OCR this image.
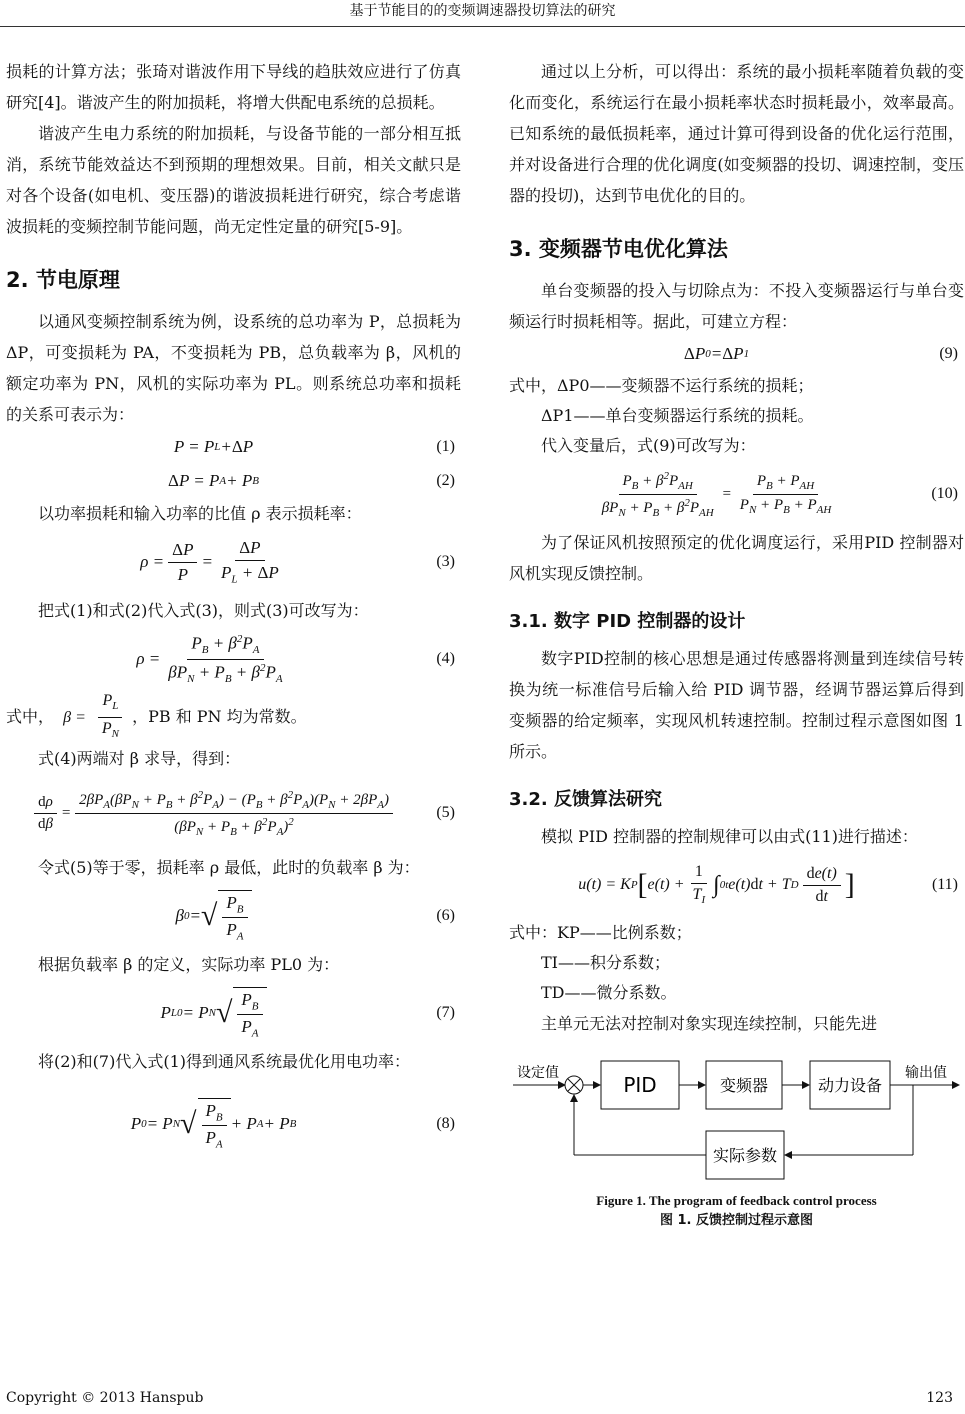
基于节能目的的变频调速器投切算法的研究

损耗的计算方法；张琦对谐波作用下导线的趋肤效应进行了仿真研究[4]。谐波产生的附加损耗，将增大供配电系统的总损耗。

谐波产生电力系统的附加损耗，与设备节能的一部分相互抵消，系统节能效益达不到预期的理想效果。目前，相关文献只是对各个设备(如电机、变压器)的谐波损耗进行研究，综合考虑谐波损耗的变频控制节能问题，尚无定性定量的研究[5-9]。

2. 节电原理

以通风变频控制系统为例，设系统的总功率为 P，总损耗为 ΔP，可变损耗为 PA，不变损耗为 PB，总负载率为 β，风机的额定功率为 PN，风机的实际功率为 PL。则系统总功率和损耗的关系可表示为：

P = P L + Δ P	(1)
Δ P = P A + P B	(2)

以功率损耗和输入功率的比值 ρ 表示损耗率：

$\rho = \frac{\Delta P}{P} = \frac{\Delta P}{P_L + \Delta P}$	(3)

把式(1)和式(2)代入式(3)，则式(3)可改写为：

$\rho = \frac{P_B + \beta^2P_A}{\beta P_N + P_B + \beta^2P_A}$	(4)

式中， $\beta = \frac{P_L}{P_N}$ ，PB 和 PN 均为常数。

式(4)两端对 β 求导，得到：

$\frac{d\rho}{d\beta} = \frac{2\beta P_A(\beta P_N + P_B + \beta^2P_A) - (P_B + \beta^2P_A)(P_N + 2\beta P_A)}{(\beta P_N + P_B + \beta^2P_A)^2}$	(5)

令式(5)等于零，损耗率 ρ 最低，此时的负载率 β 为：

β 0 = √ $\frac{P_B}{P_A}$	(6)

根据负载率 β 的定义，实际功率 PL0 为：

P L0 = P N √ $\frac{P_B}{P_A}$	(7)

将(2)和(7)代入式(1)得到通风系统最优化用电功率：

P 0 = P N √ $\frac{P_B}{P_A} + P$ A + P B	(8)

通过以上分析，可以得出：系统的最小损耗率随着负载的变化而变化，系统运行在最小损耗率状态时损耗最小，效率最高。已知系统的最低损耗率，通过计算可得到设备的优化运行范围，并对设备进行合理的优化调度(如变频器的投切、调速控制，变压器的投切)，达到节电优化的目的。

3. 变频器节电优化算法

单台变频器的投入与切除点为：不投入变频器运行与单台变频运行时损耗相等。据此，可建立方程：

Δ P 0 = Δ P 1	(9)

式中，ΔP0——变频器不运行系统的损耗；

ΔP1——单台变频器运行系统的损耗。

代入变量后，式(9)可改写为：

$\frac{P_B + \beta^2P_{AH}}{\beta P_N + P_B + \beta^2P_{AH}} = \frac{P_B + P_{AH}}{P_N + P_B + P_{AH}}$	(10)

为了保证风机按照预定的优化调度运行，采用PID 控制器对风机实现反馈控制。

3.1. 数字 PID 控制器的设计

数字PID控制的核心思想是通过传感器将测量到连续信号转换为统一标准信号后输入给 PID 调节器，经调节器运算后得到变频器的给定频率，实现风机转速控制。控制过程示意图如图 1 所示。

3.2. 反馈算法研究

模拟 PID 控制器的控制规律可以由式(11)进行描述：

u(t) = K P [ $e(t) + \frac{1}{T_I}$ ∫ 0 t e(t) d t + T D $\frac{de(t)}{dt}$ ]	(11)

式中：KP——比例系数；

TI——积分系数；

TD——微分系数。

主单元无法对控制对象实现连续控制，只能先进

设定值	PID	变频器	动力设备
输出值
实际参数
Figure 1. The program of feedback control process
图 1. 反馈控制过程示意图
Copyright © 2013 Hanspub	123
